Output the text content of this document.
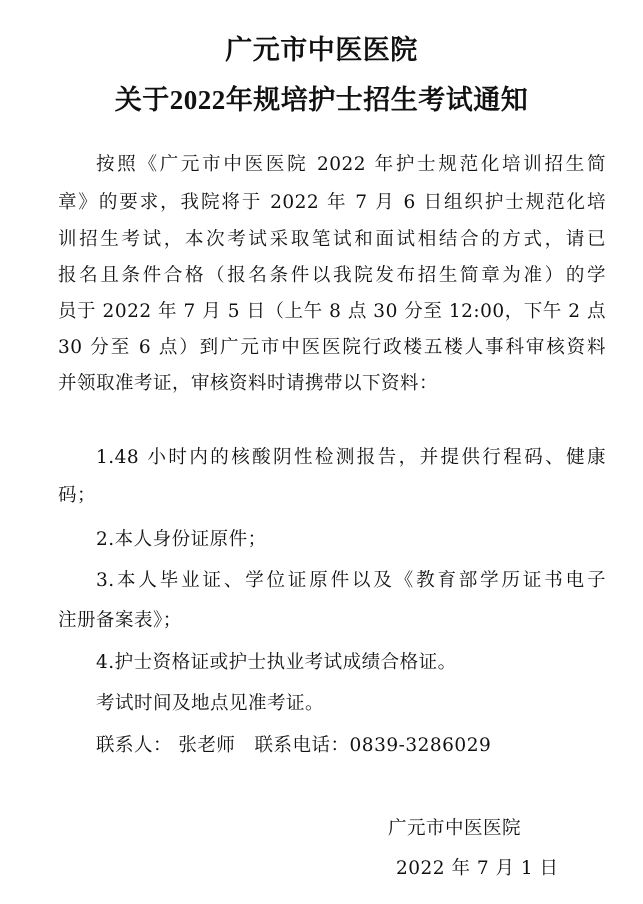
广元市中医医院
关于2022年规培护士招生考试通知
按照《广元市中医医院 2022 年护士规范化培训招生简
章》的要求，我院将于 2022 年 7 月 6 日组织护士规范化培
训招生考试，本次考试采取笔试和面试相结合的方式，请已
报名且条件合格（报名条件以我院发布招生简章为准）的学
员于 2022 年 7 月 5 日（上午 8 点 30 分至 12:00，下午 2 点
30 分至 6 点）到广元市中医医院行政楼五楼人事科审核资料
并领取准考证，审核资料时请携带以下资料：
1.48 小时内的核酸阴性检测报告，并提供行程码、健康
码；
2.本人身份证原件；
3.本人毕业证、学位证原件以及《教育部学历证书电子
注册备案表》；
4.护士资格证或护士执业考试成绩合格证。
考试时间及地点见准考证。
联系人： 张老师   联系电话：0839-3286029
广元市中医医院
2022 年 7 月 1 日
